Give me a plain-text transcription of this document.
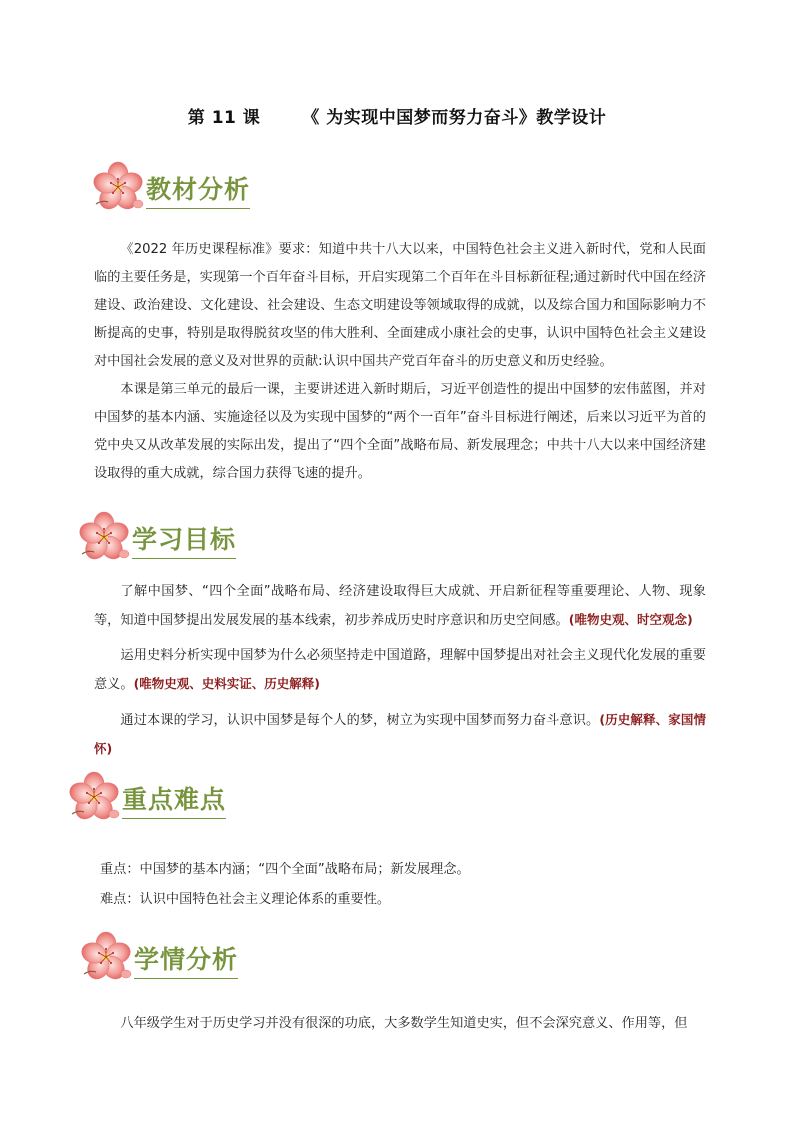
第 11 课 《 为实现中国梦而努力奋斗》教学设计
教材分析
《2022 年历史课程标准》要求：知道中共十八大以来，中国特色社会主义进入新时代，党和人民面临的主要任务是，实现第一个百年奋斗目标，开启实现第二个百年在斗目标新征程;通过新时代中国在经济建设、政治建设、文化建设、社会建设、生态文明建设等领域取得的成就，以及综合国力和国际影响力不断提高的史事，特别是取得脱贫攻坚的伟大胜利、全面建成小康社会的史事，认识中国特色社会主义建设对中国社会发展的意义及对世界的贡献:认识中国共产党百年奋斗的历史意义和历史经验。
本课是第三单元的最后一课，主要讲述进入新时期后，习近平创造性的提出中国梦的宏伟蓝图，并对中国梦的基本内涵、实施途径以及为实现中国梦的“两个一百年”奋斗目标进行阐述，后来以习近平为首的党中央又从改革发展的实际出发，提出了“四个全面”战略布局、新发展理念；中共十八大以来中国经济建设取得的重大成就，综合国力获得飞速的提升。
学习目标
了解中国梦、“四个全面”战略布局、经济建设取得巨大成就、开启新征程等重要理论、人物、现象等，知道中国梦提出发展发展的基本线索，初步养成历史时序意识和历史空间感。(唯物史观、时空观念)
运用史料分析实现中国梦为什么必须坚持走中国道路，理解中国梦提出对社会主义现代化发展的重要意义。(唯物史观、史料实证、历史解释)
通过本课的学习，认识中国梦是每个人的梦，树立为实现中国梦而努力奋斗意识。(历史解释、家国情怀)
重点难点
重点：中国梦的基本内涵；“四个全面”战略布局；新发展理念。
难点：认识中国特色社会主义理论体系的重要性。
学情分析
八年级学生对于历史学习并没有很深的功底，大多数学生知道史实，但不会深究意义、作用等，但
